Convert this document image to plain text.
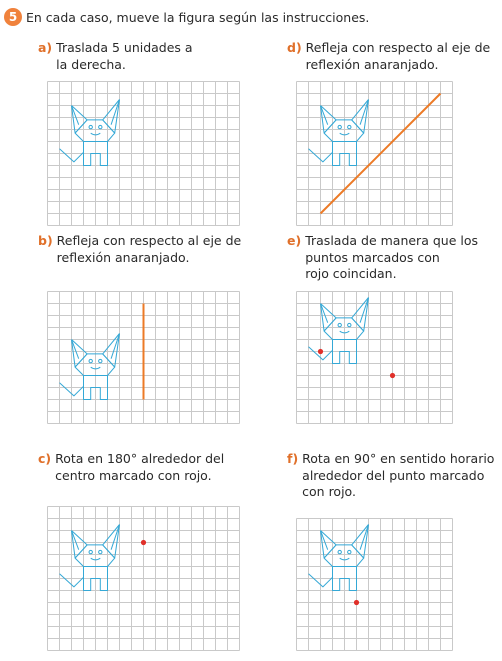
5 En cada caso, mueve la figura según las instrucciones.
a) Traslada 5 unidades a
la derecha.
b) Refleja con respecto al eje de
reflexión anaranjado.
c) Rota en 180° alrededor del
centro marcado con rojo.
d) Refleja con respecto al eje de
reflexión anaranjado.
e) Traslada de manera que los
puntos marcados con
rojo coincidan.
f) Rota en 90° en sentido horario
alrededor del punto marcado
con rojo.
